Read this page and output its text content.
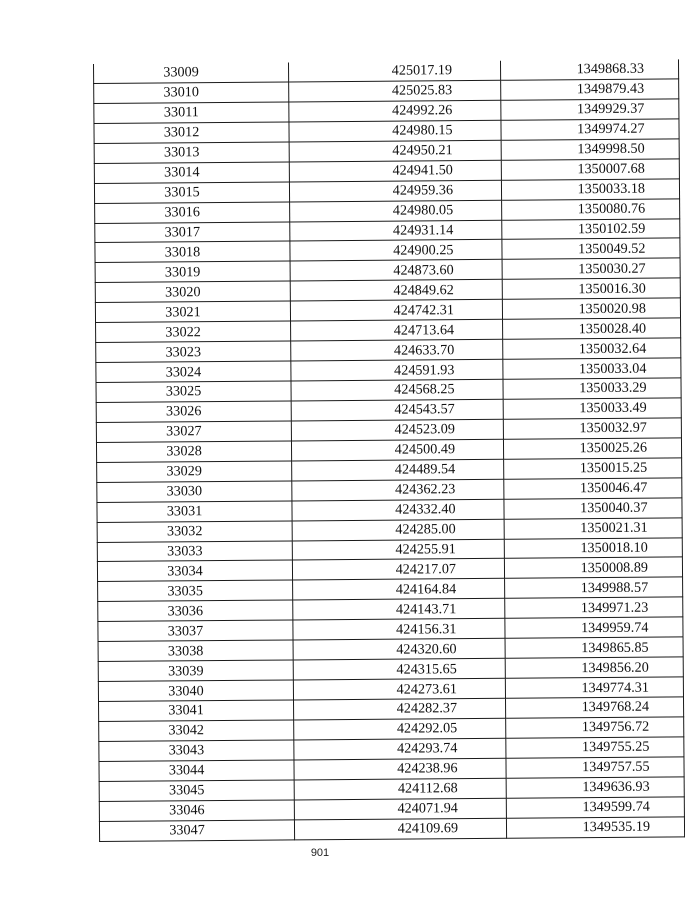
33009	425017.19	1349868.33
33010	425025.83	1349879.43
33011	424992.26	1349929.37
33012	424980.15	1349974.27
33013	424950.21	1349998.50
33014	424941.50	1350007.68
33015	424959.36	1350033.18
33016	424980.05	1350080.76
33017	424931.14	1350102.59
33018	424900.25	1350049.52
33019	424873.60	1350030.27
33020	424849.62	1350016.30
33021	424742.31	1350020.98
33022	424713.64	1350028.40
33023	424633.70	1350032.64
33024	424591.93	1350033.04
33025	424568.25	1350033.29
33026	424543.57	1350033.49
33027	424523.09	1350032.97
33028	424500.49	1350025.26
33029	424489.54	1350015.25
33030	424362.23	1350046.47
33031	424332.40	1350040.37
33032	424285.00	1350021.31
33033	424255.91	1350018.10
33034	424217.07	1350008.89
33035	424164.84	1349988.57
33036	424143.71	1349971.23
33037	424156.31	1349959.74
33038	424320.60	1349865.85
33039	424315.65	1349856.20
33040	424273.61	1349774.31
33041	424282.37	1349768.24
33042	424292.05	1349756.72
33043	424293.74	1349755.25
33044	424238.96	1349757.55
33045	424112.68	1349636.93
33046	424071.94	1349599.74
33047	424109.69	1349535.19
901
